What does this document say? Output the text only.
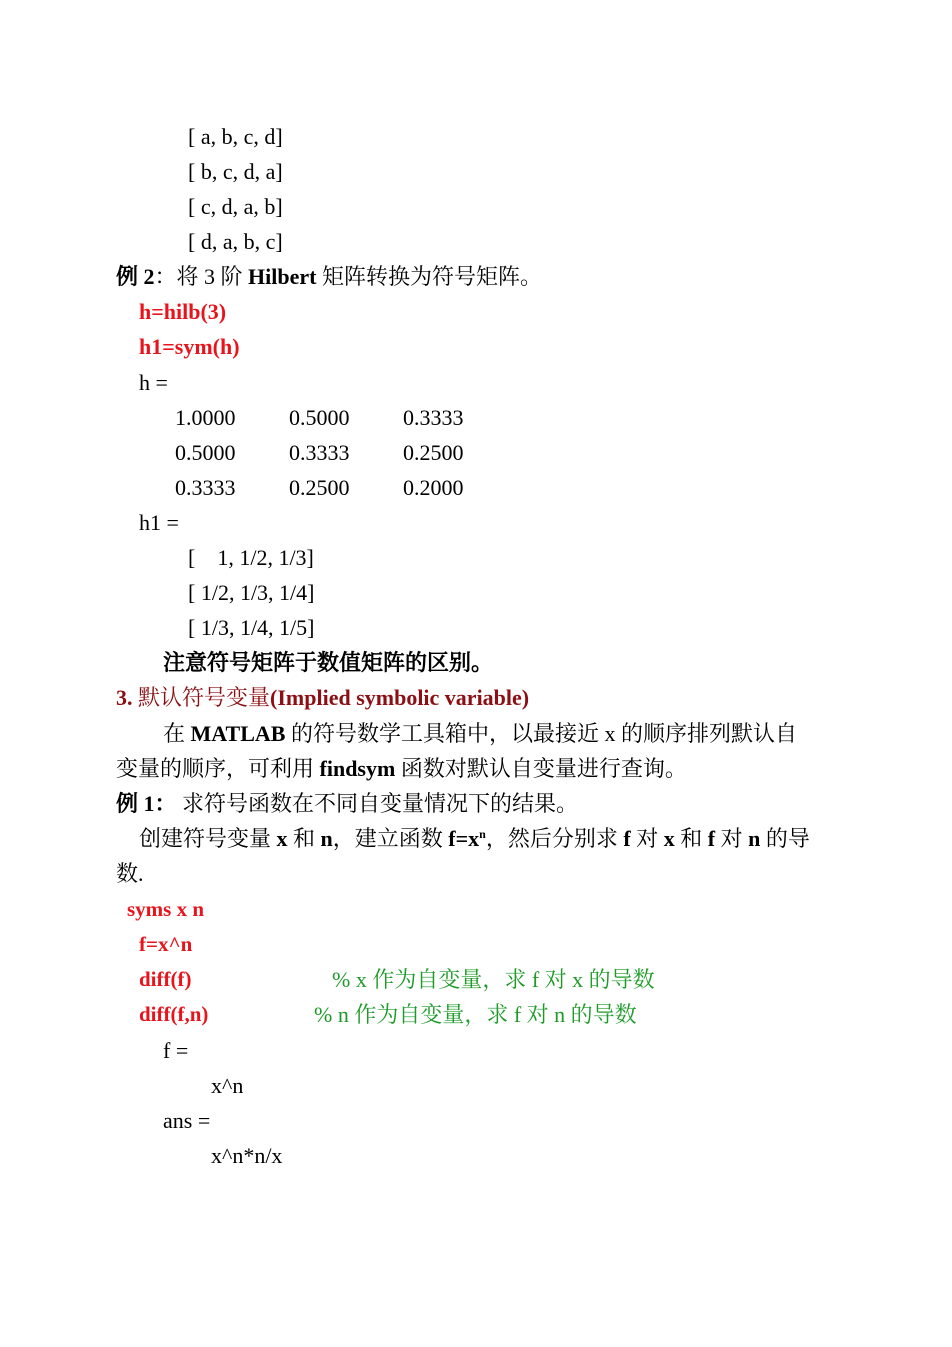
[ a, b, c, d]
[ b, c, d, a]
[ c, d, a, b]
[ d, a, b, c]
例 2：将 3 阶 Hilbert 矩阵转换为符号矩阵。
h=hilb(3)
h1=sym(h)
h =
1.0000 0.5000 0.3333
0.5000 0.3333 0.2500
0.3333 0.2500 0.2000
h1 =
[    1, 1/2, 1/3]
[ 1/2, 1/3, 1/4]
[ 1/3, 1/4, 1/5]
注意符号矩阵于数值矩阵的区别。
3. 默认符号变量(Implied symbolic variable)
在 MATLAB 的符号数学工具箱中，以最接近 x 的顺序排列默认自
变量的顺序，可利用 findsym 函数对默认自变量进行查询。
例 1： 求符号函数在不同自变量情况下的结果。
创建符号变量 x 和 n，建立函数 $f=x^n$，然后分别求 f 对 x 和 f 对 n 的导
数.
syms x n
f=x^n
diff(f)	% x 作为自变量，求 f 对 x 的导数
diff(f,n)	% n 作为自变量，求 f 对 n 的导数
f =
x^n
ans =
x^n*n/x
